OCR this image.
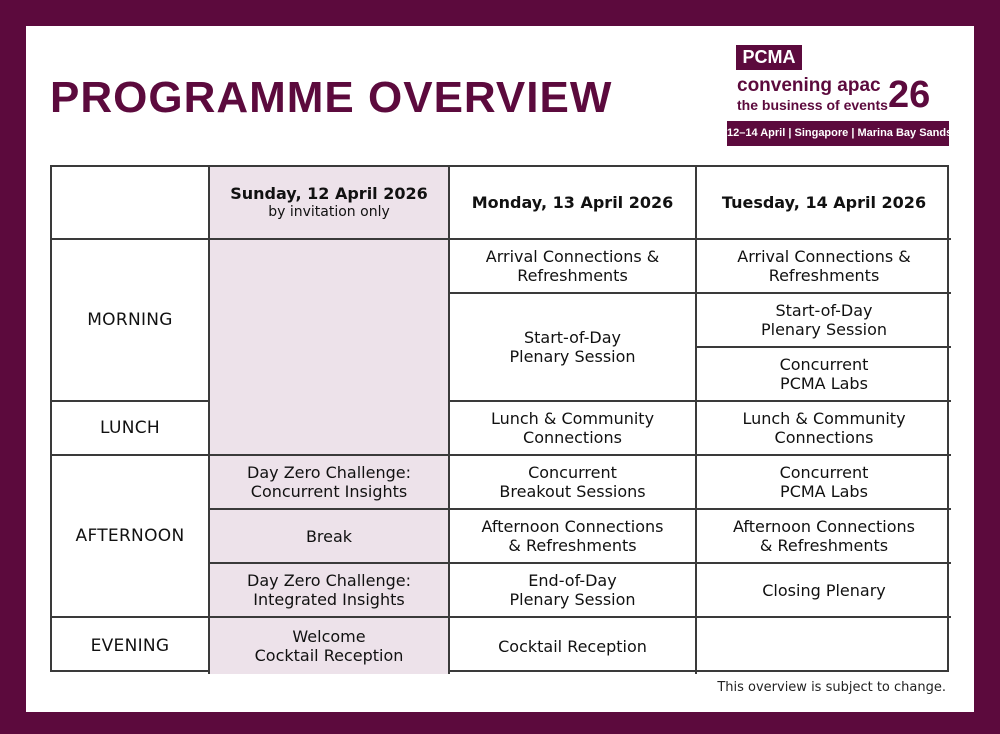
PROGRAMME OVERVIEW
PCMA
convening apac
the business of events 26
12–14 April | Singapore | Marina Bay Sands
Sunday, 12 April 2026
by invitation only	Monday, 13 April 2026	Tuesday, 14 April 2026
MORNING
LUNCH
AFTERNOON
EVENING
Day Zero Challenge:
Concurrent Insights
Break
Day Zero Challenge:
Integrated Insights
Welcome
Cocktail Reception
Arrival Connections &
Refreshments
Start-of-Day
Plenary Session
Lunch & Community
Connections
Concurrent
Breakout Sessions
Afternoon Connections
& Refreshments
End-of-Day
Plenary Session
Cocktail Reception
Arrival Connections &
Refreshments
Start-of-Day
Plenary Session
Concurrent
PCMA Labs
Lunch & Community
Connections
Concurrent
PCMA Labs
Afternoon Connections
& Refreshments
Closing Plenary

This overview is subject to change.
